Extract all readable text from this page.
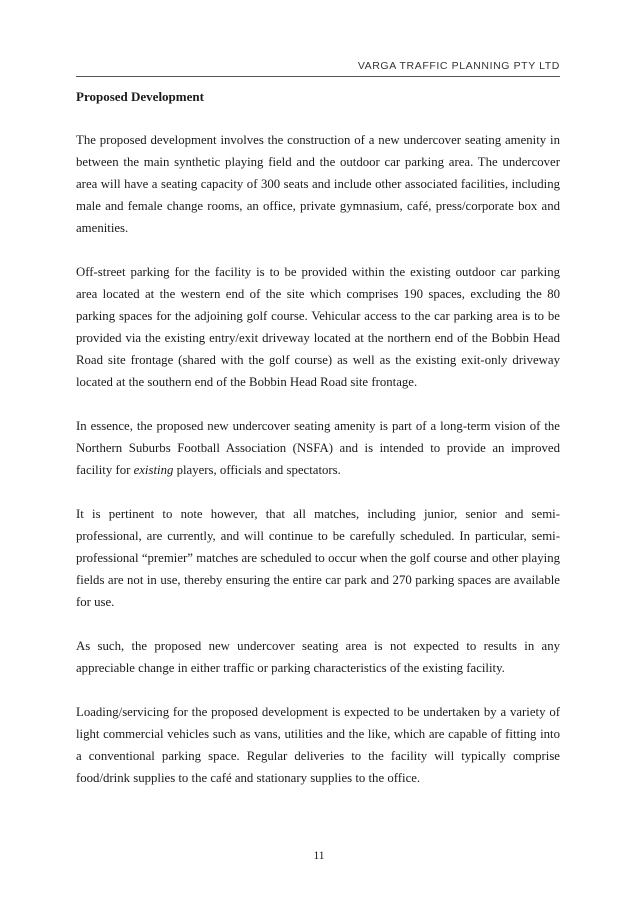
VARGA TRAFFIC PLANNING PTY LTD
Proposed Development

The proposed development involves the construction of a new undercover seating amenity in between the main synthetic playing field and the outdoor car parking area. The undercover area will have a seating capacity of 300 seats and include other associated facilities, including male and female change rooms, an office, private gymnasium, café, press/corporate box and amenities.

Off-street parking for the facility is to be provided within the existing outdoor car parking area located at the western end of the site which comprises 190 spaces, excluding the 80 parking spaces for the adjoining golf course. Vehicular access to the car parking area is to be provided via the existing entry/exit driveway located at the northern end of the Bobbin Head Road site frontage (shared with the golf course) as well as the existing exit-only driveway located at the southern end of the Bobbin Head Road site frontage.

In essence, the proposed new undercover seating amenity is part of a long-term vision of the Northern Suburbs Football Association (NSFA) and is intended to provide an improved facility for existing players, officials and spectators.

It is pertinent to note however, that all matches, including junior, senior and semi-professional, are currently, and will continue to be carefully scheduled. In particular, semi-professional “premier” matches are scheduled to occur when the golf course and other playing fields are not in use, thereby ensuring the entire car park and 270 parking spaces are available for use.

As such, the proposed new undercover seating area is not expected to results in any appreciable change in either traffic or parking characteristics of the existing facility.

Loading/servicing for the proposed development is expected to be undertaken by a variety of light commercial vehicles such as vans, utilities and the like, which are capable of fitting into a conventional parking space. Regular deliveries to the facility will typically comprise food/drink supplies to the café and stationary supplies to the office.

11
